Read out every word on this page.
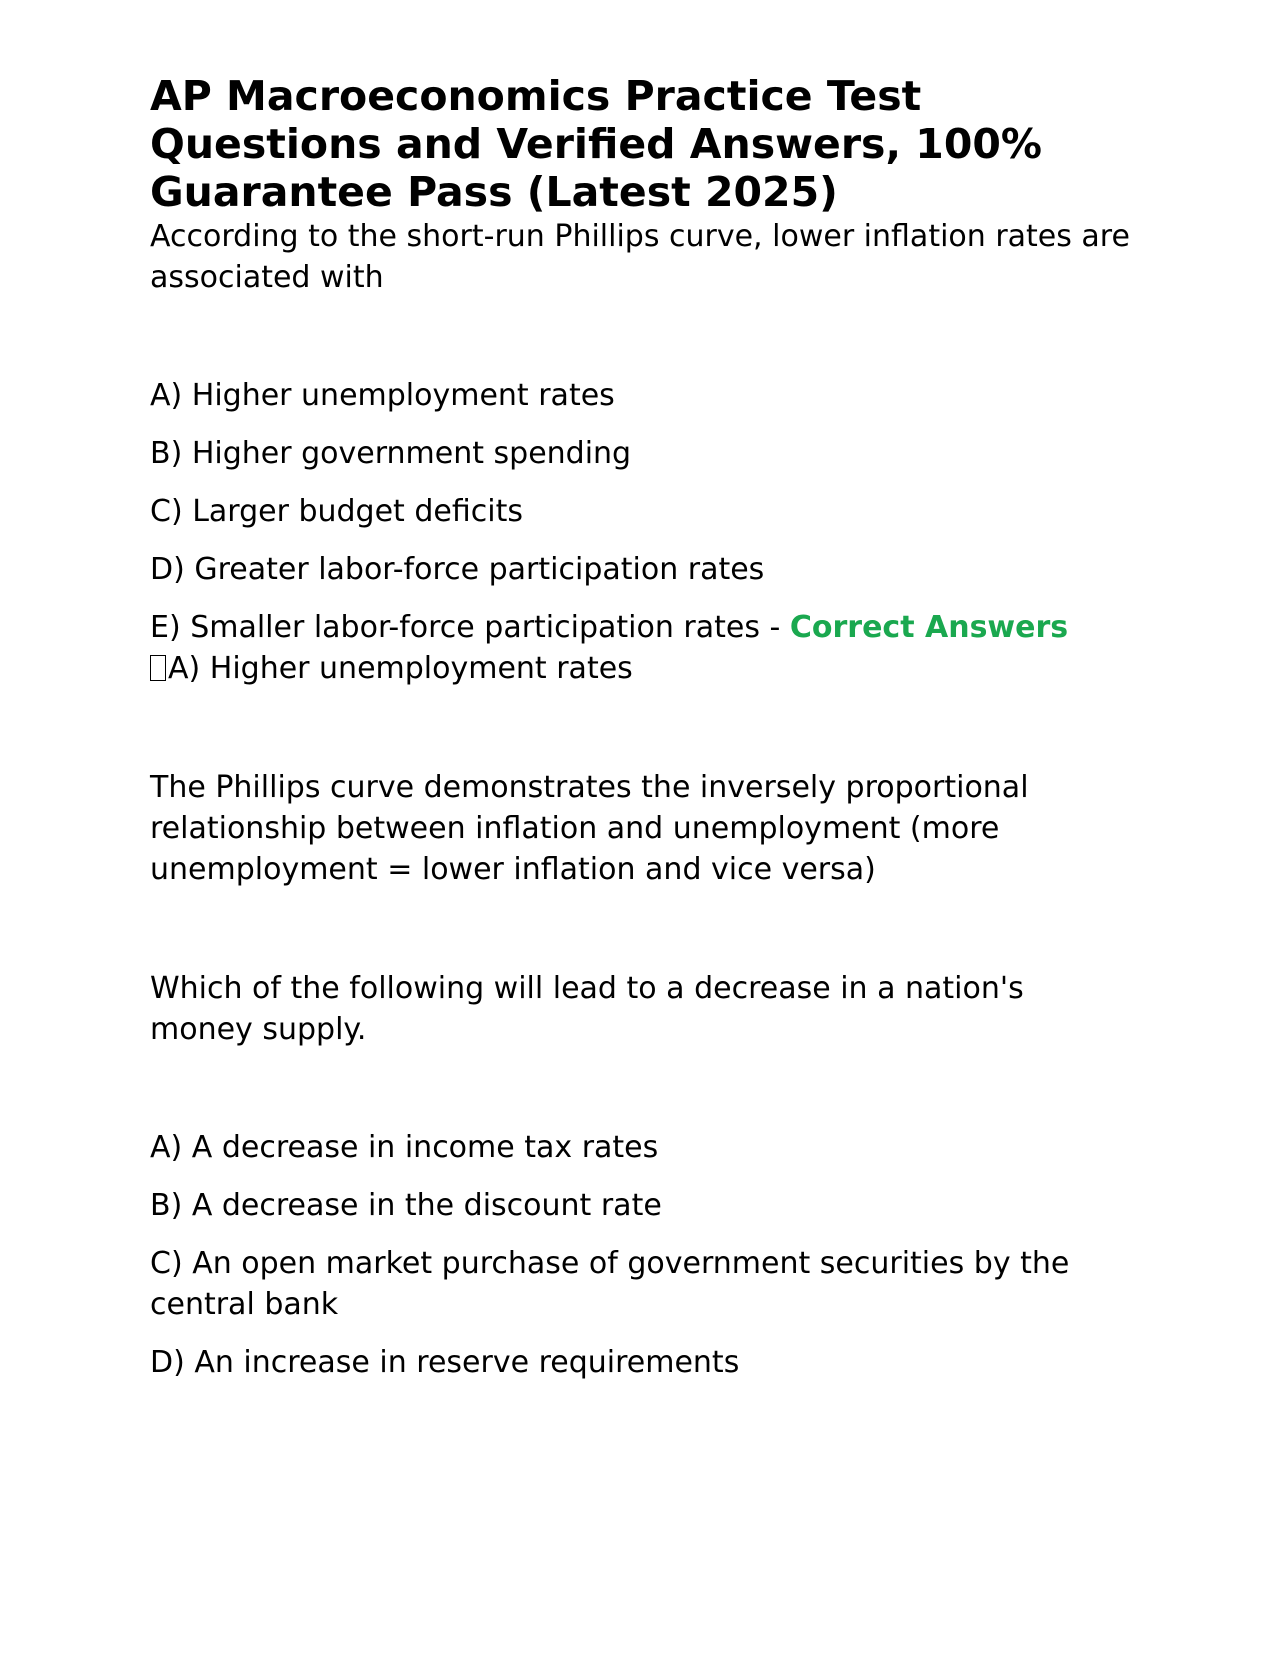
AP Macroeconomics Practice Test Questions and Verified Answers, 100% Guarantee Pass (Latest 2025)

According to the short-run Phillips curve, lower inflation rates are associated with

A) Higher unemployment rates

B) Higher government spending

C) Larger budget deficits

D) Greater labor-force participation rates

E) Smaller labor-force participation rates - Correct Answers
A) Higher unemployment rates

The Phillips curve demonstrates the inversely proportional relationship between inflation and unemployment (more unemployment = lower inflation and vice versa)

Which of the following will lead to a decrease in a nation's money supply.

A) A decrease in income tax rates

B) A decrease in the discount rate

C) An open market purchase of government securities by the central bank

D) An increase in reserve requirements
